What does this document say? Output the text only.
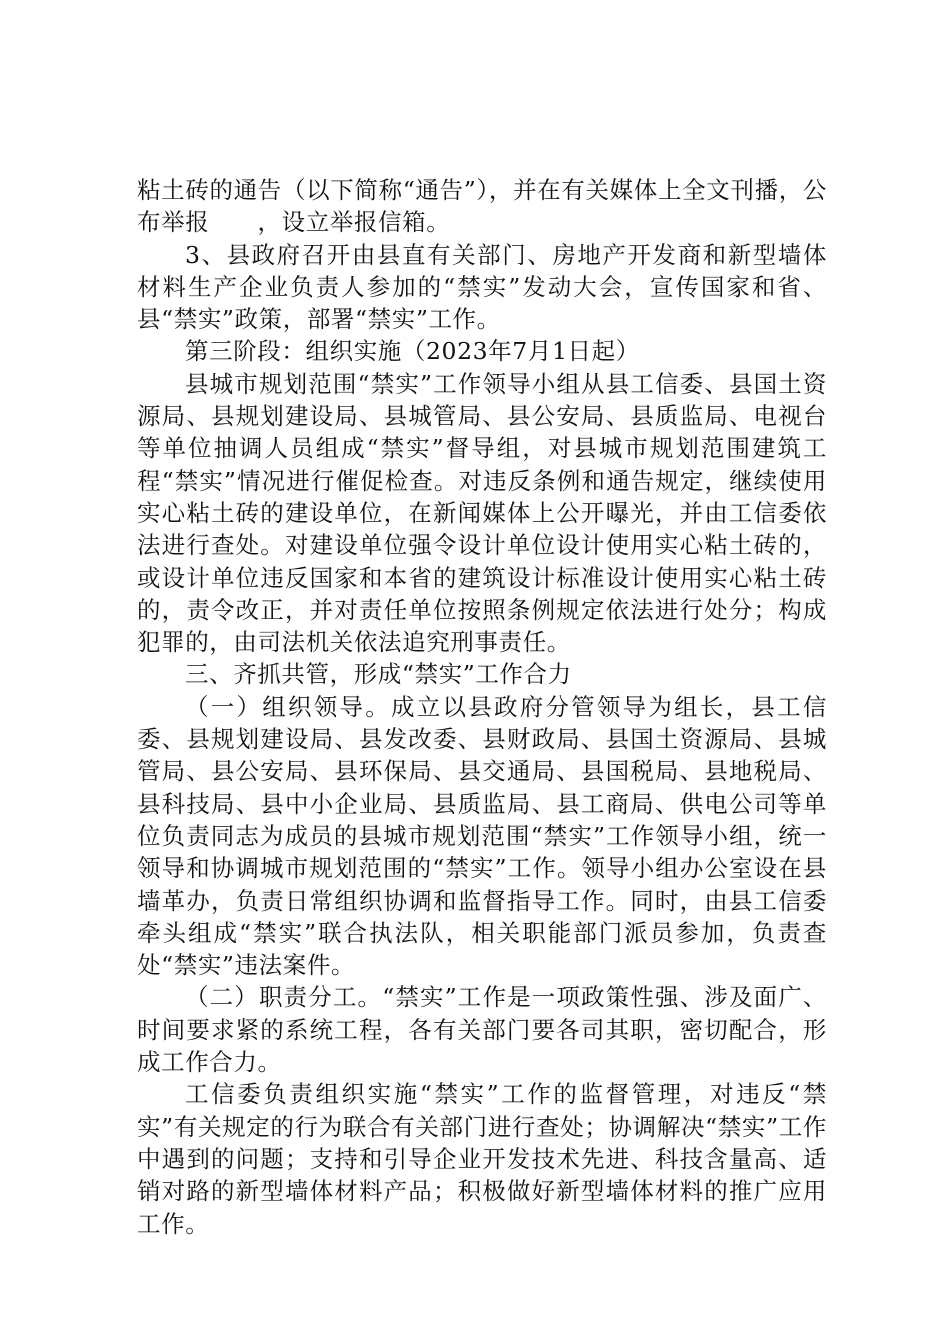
粘土砖的通告（以下简称“通告”），并在有关媒体上全文刊播，公布举报　　，设立举报信箱。

3、县政府召开由县直有关部门、房地产开发商和新型墙体材料生产企业负责人参加的“禁实”发动大会，宣传国家和省、县“禁实”政策，部署“禁实”工作。

第三阶段：组织实施（2023年7月1日起）

县城市规划范围“禁实”工作领导小组从县工信委、县国土资源局、县规划建设局、县城管局、县公安局、县质监局、电视台等单位抽调人员组成“禁实”督导组，对县城市规划范围建筑工程“禁实”情况进行催促检查。对违反条例和通告规定，继续使用实心粘土砖的建设单位，在新闻媒体上公开曝光，并由工信委依法进行查处。对建设单位强令设计单位设计使用实心粘土砖的，或设计单位违反国家和本省的建筑设计标准设计使用实心粘土砖的，责令改正，并对责任单位按照条例规定依法进行处分；构成犯罪的，由司法机关依法追究刑事责任。

三、齐抓共管，形成“禁实”工作合力

（一）组织领导。成立以县政府分管领导为组长，县工信委、县规划建设局、县发改委、县财政局、县国土资源局、县城管局、县公安局、县环保局、县交通局、县国税局、县地税局、县科技局、县中小企业局、县质监局、县工商局、供电公司等单位负责同志为成员的县城市规划范围“禁实”工作领导小组，统一领导和协调城市规划范围的“禁实”工作。领导小组办公室设在县墙革办，负责日常组织协调和监督指导工作。同时，由县工信委牵头组成“禁实”联合执法队，相关职能部门派员参加，负责查处“禁实”违法案件。

（二）职责分工。“禁实”工作是一项政策性强、涉及面广、时间要求紧的系统工程，各有关部门要各司其职，密切配合，形成工作合力。

工信委负责组织实施“禁实”工作的监督管理，对违反“禁实”有关规定的行为联合有关部门进行查处；协调解决“禁实”工作中遇到的问题；支持和引导企业开发技术先进、科技含量高、适销对路的新型墙体材料产品；积极做好新型墙体材料的推广应用工作。
